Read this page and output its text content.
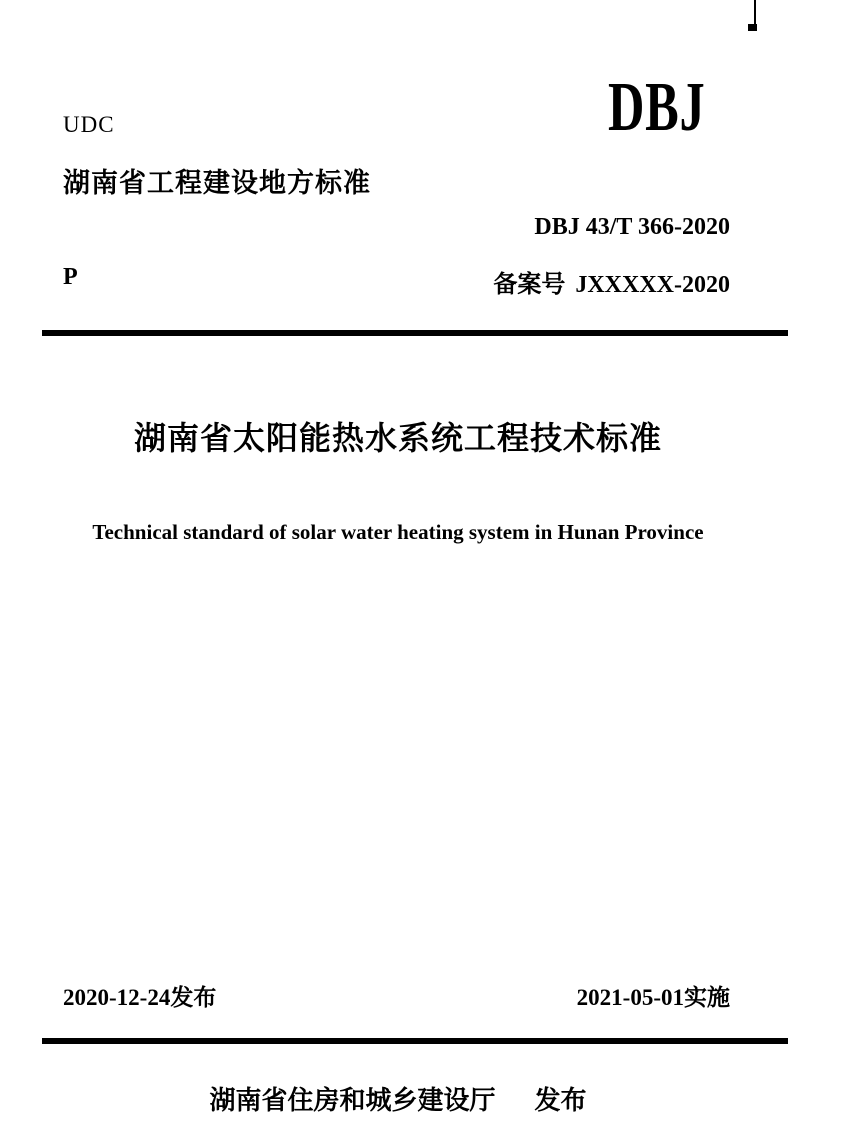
UDC	DBJ
湖南省工程建设地方标准
DBJ 43/T 366-2020
P	备案号 JXXXXX-2020
湖南省太阳能热水系统工程技术标准
Technical standard of solar water heating system in Hunan Province
2020-12-24发布	2021-05-01实施
湖南省住房和城乡建设厅 发布
